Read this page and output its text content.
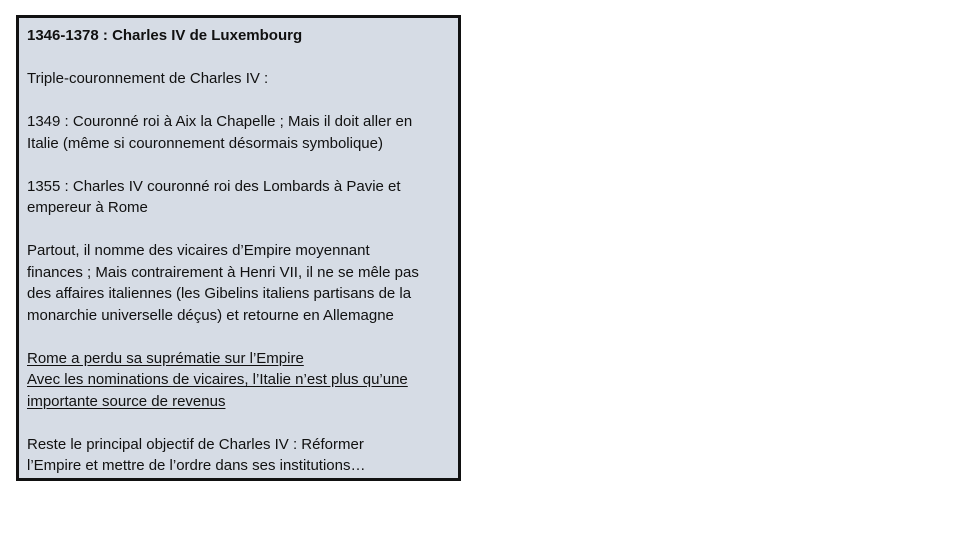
1346-1378 : Charles IV de Luxembourg

Triple-couronnement de Charles IV :

1349 : Couronné roi à Aix la Chapelle ; Mais il doit aller en
Italie (même si couronnement désormais symbolique)

1355 : Charles IV couronné roi des Lombards à Pavie et
empereur à Rome

Partout, il nomme des vicaires d’Empire moyennant
finances ; Mais contrairement à Henri VII, il ne se mêle pas
des affaires italiennes (les Gibelins italiens partisans de la
monarchie universelle déçus) et retourne en Allemagne

Rome a perdu sa suprématie sur l’Empire
Avec les nominations de vicaires, l’Italie n’est plus qu’une
importante source de revenus

Reste le principal objectif de Charles IV : Réformer
l’Empire et mettre de l’ordre dans ses institutions…
